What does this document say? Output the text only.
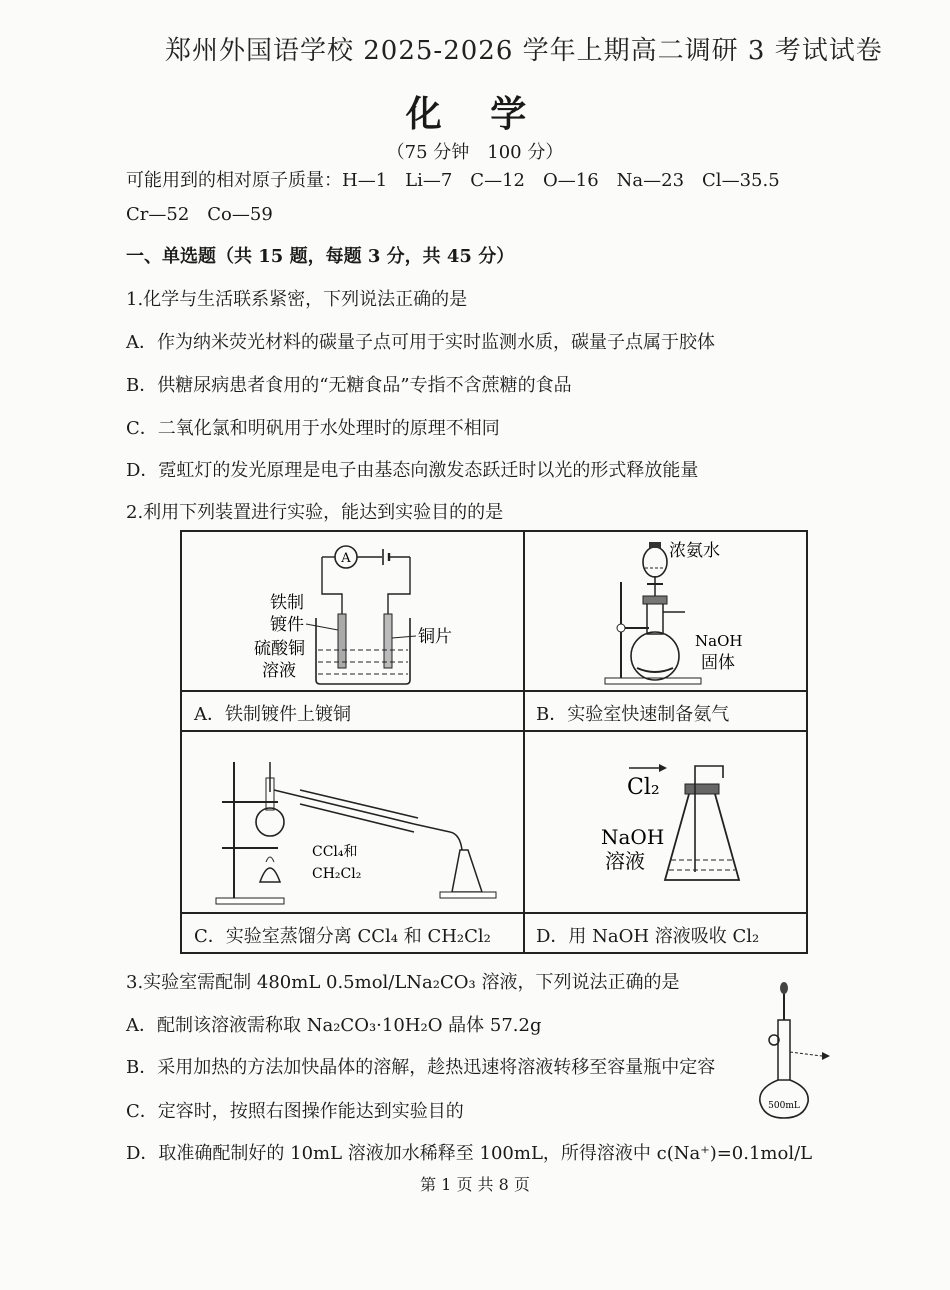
郑州外国语学校 2025-2026 学年上期高二调研 3 考试试卷
化 学
（75 分钟　100 分）
可能用到的相对原子质量：H—1　Li—7　C—12　O—16　Na—23　Cl—35.5
Cr—52　Co—59
一、单选题（共 15 题，每题 3 分，共 45 分）
1.化学与生活联系紧密，下列说法正确的是
A．作为纳米荧光材料的碳量子点可用于实时监测水质，碳量子点属于胶体
B．供糖尿病患者食用的“无糖食品”专指不含蔗糖的食品
C．二氧化氯和明矾用于水处理时的原理不相同
D．霓虹灯的发光原理是电子由基态向激发态跃迁时以光的形式释放能量
2.利用下列装置进行实验，能达到实验目的的是
A
铁制
镀件
硫酸铜
溶液
铜片
浓氨水
NaOH
固体
A．铁制镀件上镀铜	B．实验室快速制备氨气
CCl₄和
CH₂Cl₂
Cl₂
NaOH
溶液
C．实验室蒸馏分离 CCl₄ 和 CH₂Cl₂	D．用 NaOH 溶液吸收 Cl₂
3.实验室需配制 480mL 0.5mol/LNa₂CO₃ 溶液，下列说法正确的是
A．配制该溶液需称取 Na₂CO₃·10H₂O 晶体 57.2g
B．采用加热的方法加快晶体的溶解，趁热迅速将溶液转移至容量瓶中定容
C．定容时，按照右图操作能达到实验目的
D．取准确配制好的 10mL 溶液加水稀释至 100mL，所得溶液中 c(Na⁺)=0.1mol/L
500mL
第 1 页 共 8 页
